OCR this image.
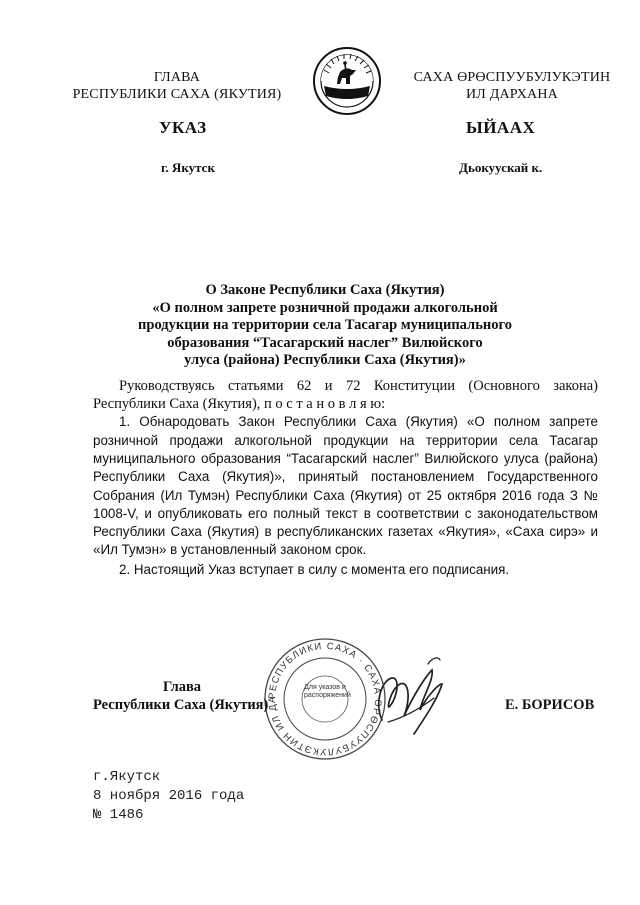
ГЛАВА
РЕСПУБЛИКИ САХА (ЯКУТИЯ)
САХА ӨРӨСПУУБУЛУКЭТИН
ИЛ ДАРХАНА
УКАЗ	ЫЙААХ
г. Якутск	Дьокуускай к.
О Законе Республики Саха (Якутия)
«О полном запрете розничной продажи алкогольной
продукции на территории села Тасагар муниципального
образования “Тасагарский наслег” Вилюйского
улуса (района) Республики Саха (Якутия)»

Руководствуясь статьями 62 и 72 Конституции (Основного закона) Республики Саха (Якутия), п о с т а н о в л я ю:

1. Обнародовать Закон Республики Саха (Якутия) «О полном запрете розничной продажи алкогольной продукции на территории села Тасагар муниципального образования “Тасагарский наслег” Вилюйского улуса (района) Республики Саха (Якутия)», принятый постановлением Государственного Собрания (Ил Тумэн) Республики Саха (Якутия) от 25 октября 2016 года З № 1008-V, и опубликовать его полный текст в соответствии с законодательством Республики Саха (Якутия) в республиканских газетах «Якутия», «Саха сирэ» и «Ил Тумэн» в установленный законом срок.

2. Настоящий Указ вступает в силу с момента его подписания.

РЕСПУБЛИКИ САХА · САХА ӨРӨСПУУБУЛУКЭТИН ИЛ ДА
Для указов и распоряжений
Глава
Республики Саха (Якутия)	Е. БОРИСОВ
г.Якутск
8 ноября 2016 года
№ 1486
